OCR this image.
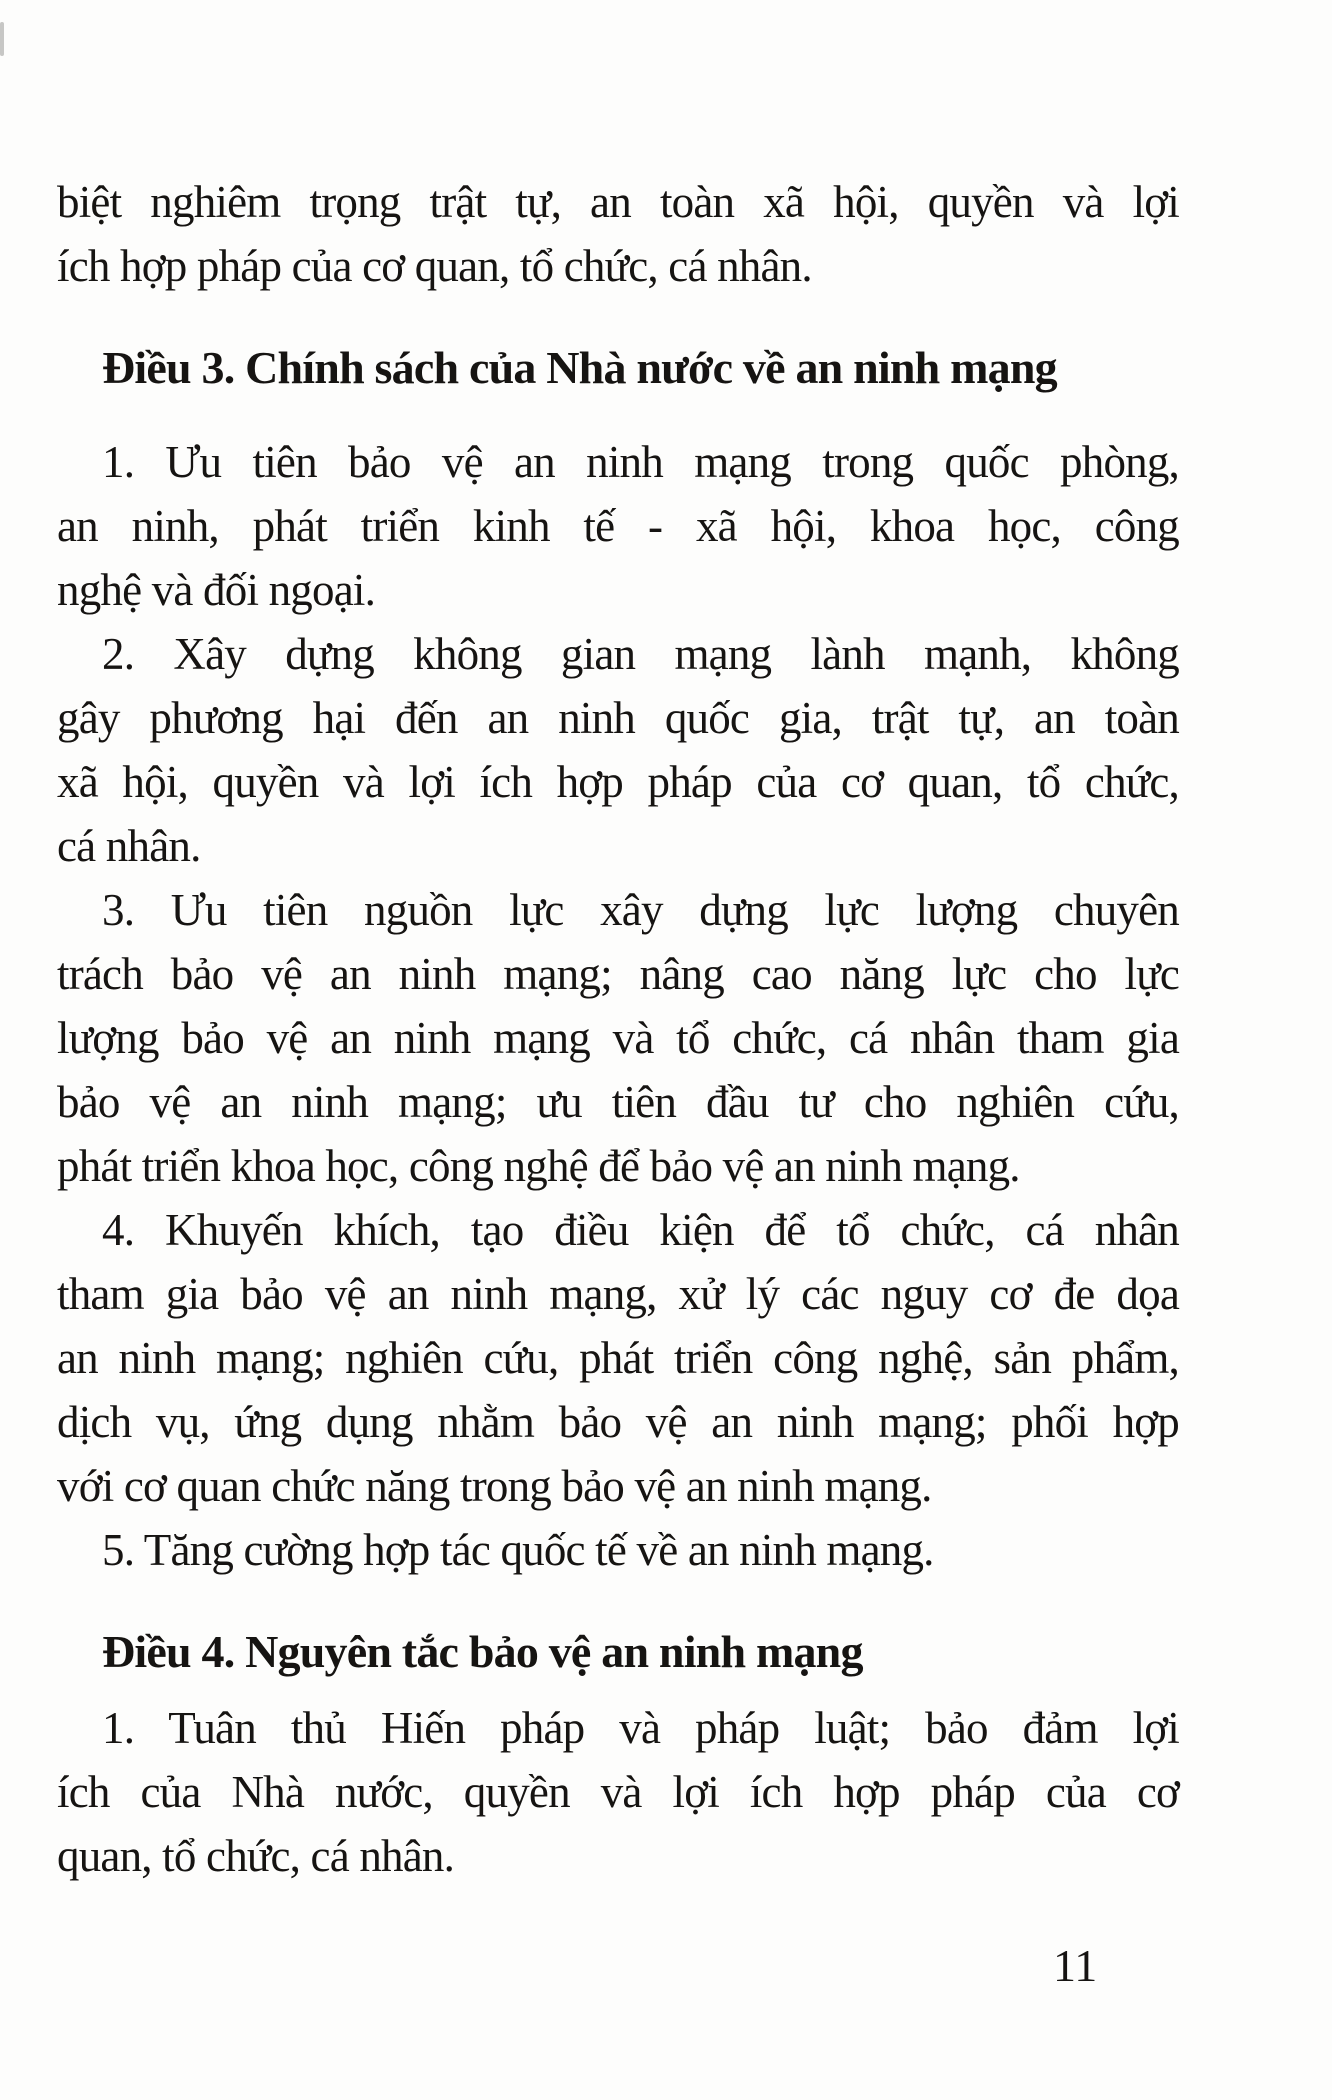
biệt nghiêm trọng trật tự, an toàn xã hội, quyền và lợi
ích hợp pháp của cơ quan, tổ chức, cá nhân.

Điều 3. Chính sách của Nhà nước về an ninh mạng

1. Ưu tiên bảo vệ an ninh mạng trong quốc phòng,
an ninh, phát triển kinh tế - xã hội, khoa học, công
nghệ và đối ngoại.

2. Xây dựng không gian mạng lành mạnh, không
gây phương hại đến an ninh quốc gia, trật tự, an toàn
xã hội, quyền và lợi ích hợp pháp của cơ quan, tổ chức,
cá nhân.

3. Ưu tiên nguồn lực xây dựng lực lượng chuyên
trách bảo vệ an ninh mạng; nâng cao năng lực cho lực
lượng bảo vệ an ninh mạng và tổ chức, cá nhân tham gia
bảo vệ an ninh mạng; ưu tiên đầu tư cho nghiên cứu,
phát triển khoa học, công nghệ để bảo vệ an ninh mạng.

4. Khuyến khích, tạo điều kiện để tổ chức, cá nhân
tham gia bảo vệ an ninh mạng, xử lý các nguy cơ đe dọa
an ninh mạng; nghiên cứu, phát triển công nghệ, sản phẩm,
dịch vụ, ứng dụng nhằm bảo vệ an ninh mạng; phối hợp
với cơ quan chức năng trong bảo vệ an ninh mạng.

5. Tăng cường hợp tác quốc tế về an ninh mạng.

Điều 4. Nguyên tắc bảo vệ an ninh mạng

1. Tuân thủ Hiến pháp và pháp luật; bảo đảm lợi
ích của Nhà nước, quyền và lợi ích hợp pháp của cơ
quan, tổ chức, cá nhân.

11
